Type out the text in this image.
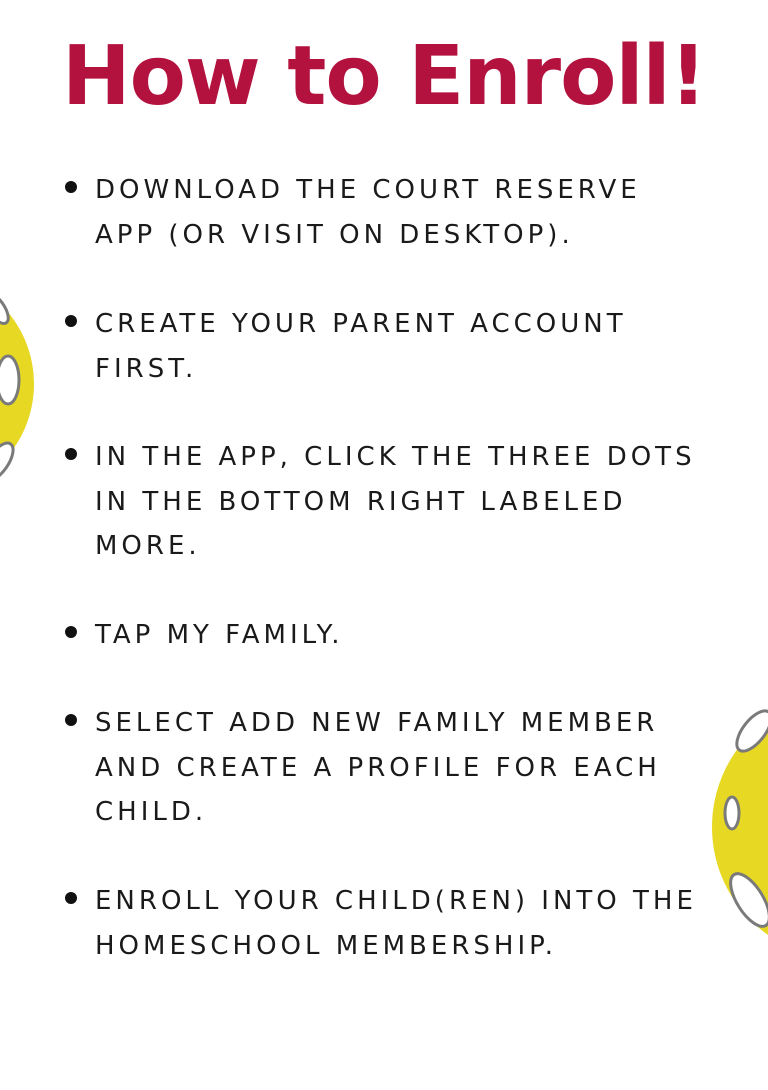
How to Enroll!
DOWNLOAD THE COURT RESERVE
APP (OR VISIT ON DESKTOP).
CREATE YOUR PARENT ACCOUNT
FIRST.
IN THE APP, CLICK THE THREE DOTS
IN THE BOTTOM RIGHT LABELED
MORE.
TAP MY FAMILY.
SELECT ADD NEW FAMILY MEMBER
AND CREATE A PROFILE FOR EACH
CHILD.
ENROLL YOUR CHILD(REN) INTO THE
HOMESCHOOL MEMBERSHIP.
